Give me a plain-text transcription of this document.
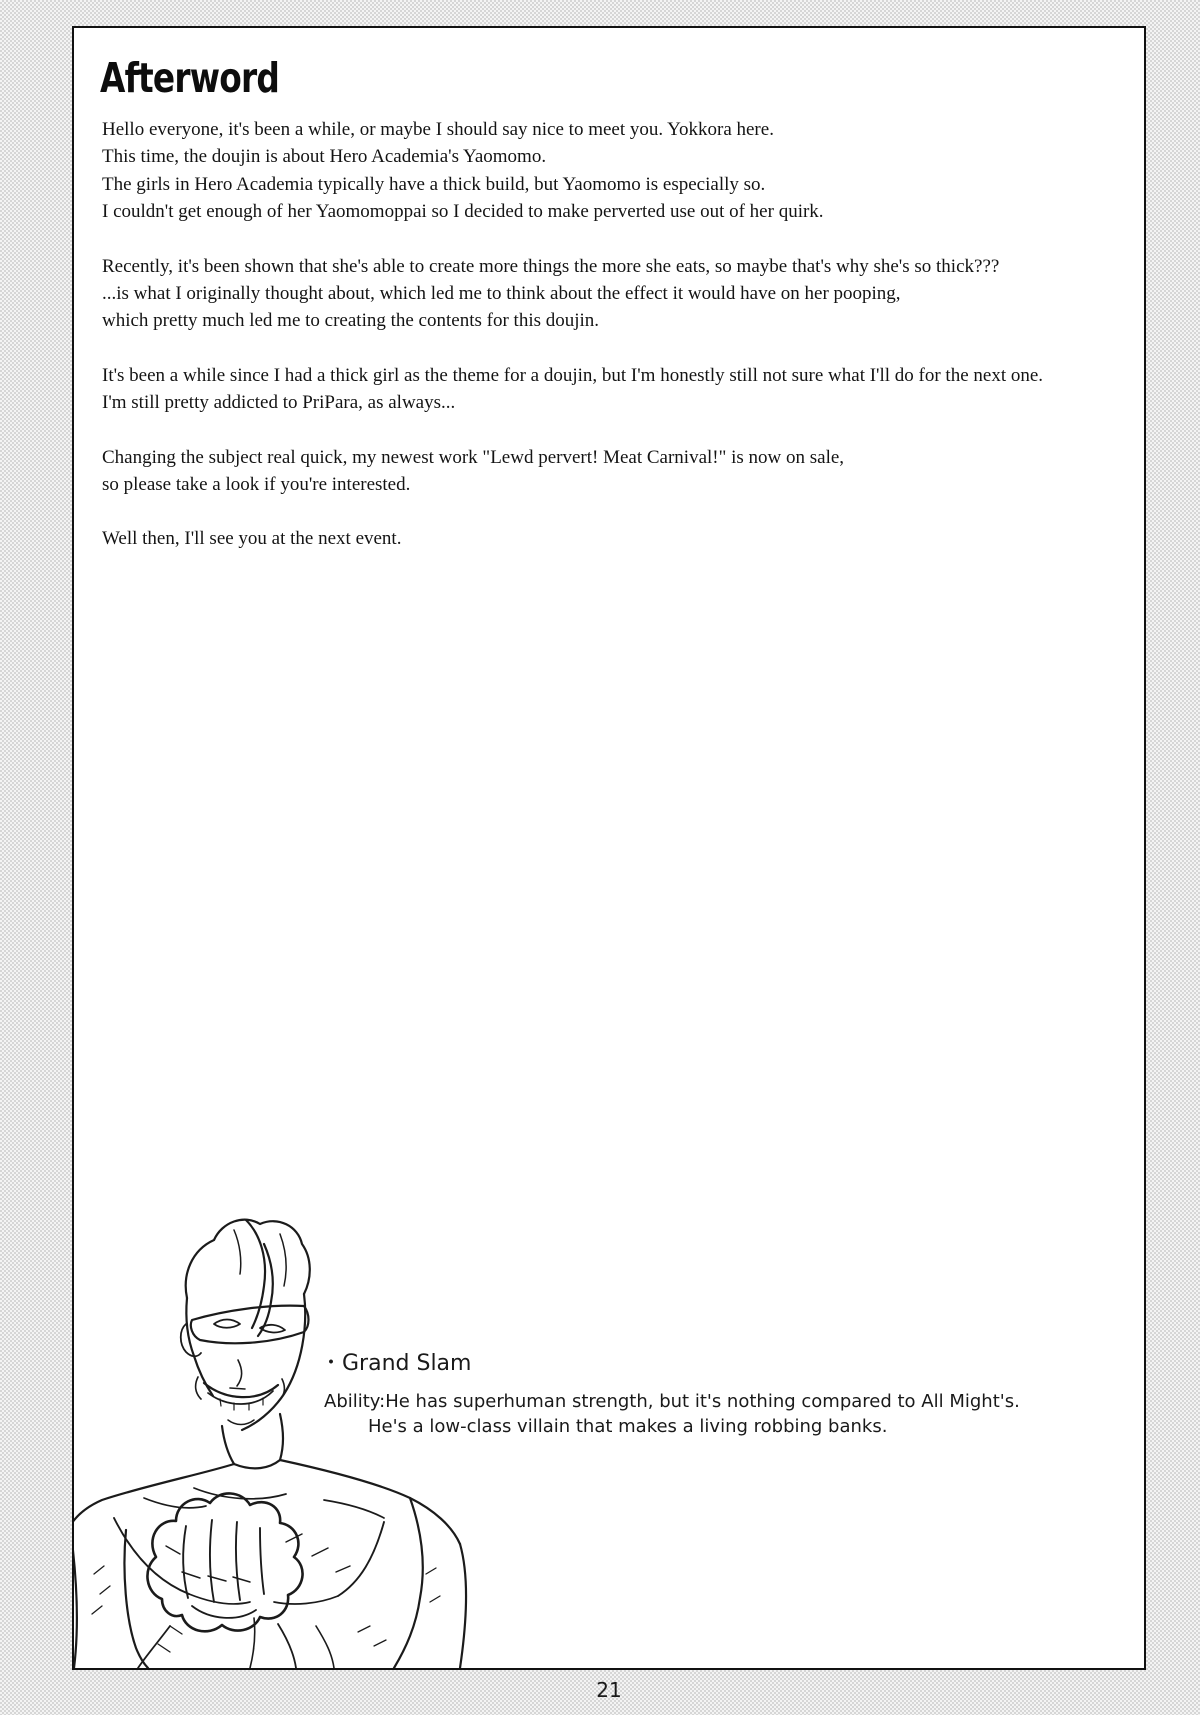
Afterword
Hello everyone, it's been a while, or maybe I should say nice to meet you. Yokkora here.
This time, the doujin is about Hero Academia's Yaomomo.
The girls in Hero Academia typically have a thick build, but Yaomomo is especially so.
I couldn't get enough of her Yaomomoppai so I decided to make perverted use out of her quirk.
Recently, it's been shown that she's able to create more things the more she eats, so maybe that's why she's so thick???
...is what I originally thought about, which led me to think about the effect it would have on her pooping,
which pretty much led me to creating the contents for this doujin.
It's been a while since I had a thick girl as the theme for a doujin, but I'm honestly still not sure what I'll do for the next one.
I'm still pretty addicted to PriPara, as always...
Changing the subject real quick, my newest work "Lewd pervert! Meat Carnival!" is now on sale,
so please take a look if you're interested.
Well then, I'll see you at the next event.
・Grand Slam
Ability:He has superhuman strength, but it's nothing compared to All Might's.
He's a low-class villain that makes a living robbing banks.
21
